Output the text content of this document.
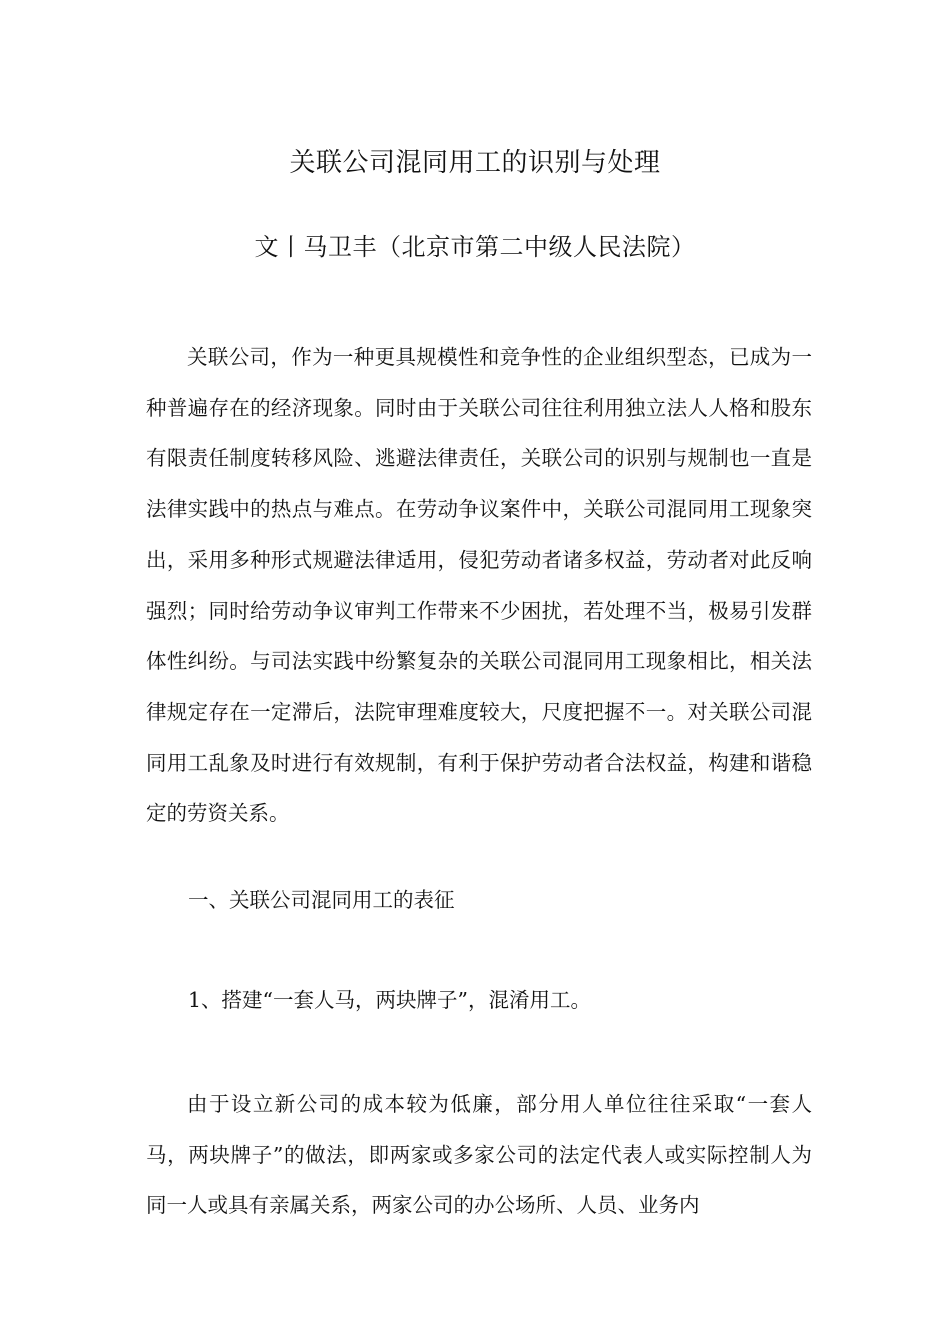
关联公司混同用工的识别与处理
文丨马卫丰（北京市第二中级人民法院）

关联公司，作为一种更具规模性和竞争性的企业组织型态，已成为一种普遍存在的经济现象。同时由于关联公司往往利用独立法人人格和股东有限责任制度转移风险、逃避法律责任，关联公司的识别与规制也一直是法律实践中的热点与难点。在劳动争议案件中，关联公司混同用工现象突出，采用多种形式规避法律适用，侵犯劳动者诸多权益，劳动者对此反响强烈；同时给劳动争议审判工作带来不少困扰，若处理不当，极易引发群体性纠纷。与司法实践中纷繁复杂的关联公司混同用工现象相比，相关法律规定存在一定滞后，法院审理难度较大，尺度把握不一。对关联公司混同用工乱象及时进行有效规制，有利于保护劳动者合法权益，构建和谐稳定的劳资关系。

一、关联公司混同用工的表征

1、搭建“一套人马，两块牌子”，混淆用工。

由于设立新公司的成本较为低廉，部分用人单位往往采取“一套人马，两块牌子”的做法，即两家或多家公司的法定代表人或实际控制人为同一人或具有亲属关系，两家公司的办公场所、人员、业务内
